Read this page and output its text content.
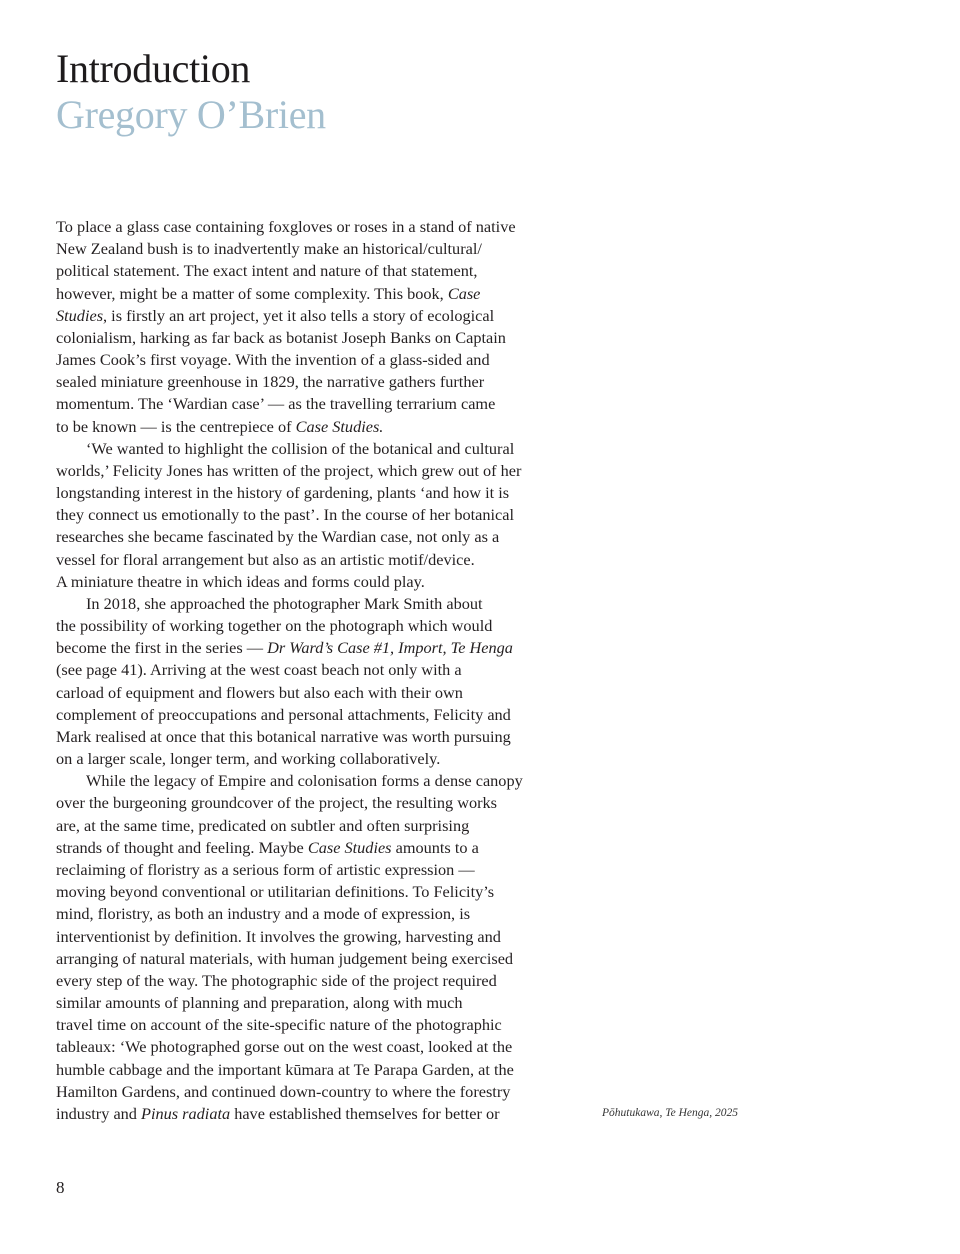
Introduction
Gregory O’Brien
To place a glass case containing foxgloves or roses in a stand of native
New Zealand bush is to inadvertently make an historical/cultural/
political statement. The exact intent and nature of that statement,
however, might be a matter of some complexity. This book, Case
Studies, is firstly an art project, yet it also tells a story of ecological
colonialism, harking as far back as botanist Joseph Banks on Captain
James Cook’s first voyage. With the invention of a glass-sided and
sealed miniature greenhouse in 1829, the narrative gathers further
momentum. The ‘Wardian case’ — as the travelling terrarium came
to be known — is the centrepiece of Case Studies.
‘We wanted to highlight the collision of the botanical and cultural
worlds,’ Felicity Jones has written of the project, which grew out of her
longstanding interest in the history of gardening, plants ‘and how it is
they connect us emotionally to the past’. In the course of her botanical
researches she became fascinated by the Wardian case, not only as a
vessel for floral arrangement but also as an artistic motif/device.
A miniature theatre in which ideas and forms could play.
In 2018, she approached the photographer Mark Smith about
the possibility of working together on the photograph which would
become the first in the series — Dr Ward’s Case #1, Import, Te Henga
(see page 41). Arriving at the west coast beach not only with a
carload of equipment and flowers but also each with their own
complement of preoccupations and personal attachments, Felicity and
Mark realised at once that this botanical narrative was worth pursuing
on a larger scale, longer term, and working collaboratively.
While the legacy of Empire and colonisation forms a dense canopy
over the burgeoning groundcover of the project, the resulting works
are, at the same time, predicated on subtler and often surprising
strands of thought and feeling. Maybe Case Studies amounts to a
reclaiming of floristry as a serious form of artistic expression —
moving beyond conventional or utilitarian definitions. To Felicity’s
mind, floristry, as both an industry and a mode of expression, is
interventionist by definition. It involves the growing, harvesting and
arranging of natural materials, with human judgement being exercised
every step of the way. The photographic side of the project required
similar amounts of planning and preparation, along with much
travel time on account of the site-specific nature of the photographic
tableaux: ‘We photographed gorse out on the west coast, looked at the
humble cabbage and the important kūmara at Te Parapa Garden, at the
Hamilton Gardens, and continued down-country to where the forestry
industry and Pinus radiata have established themselves for better or	Pōhutukawa, Te Henga, 2025
8
